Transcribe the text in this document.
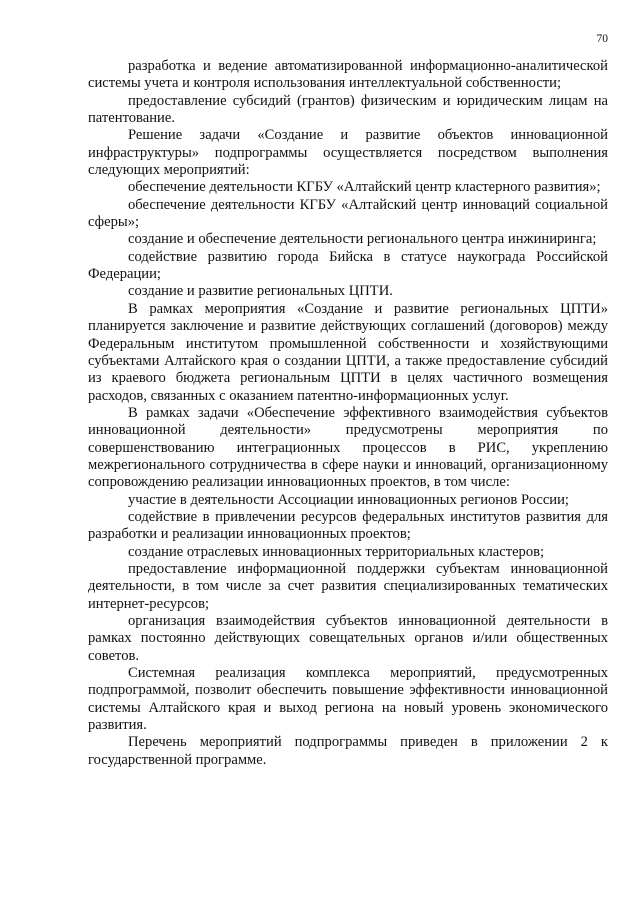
70

разработка и ведение автоматизированной информационно-аналитической системы учета и контроля использования интеллектуальной собственности;

предоставление субсидий (грантов) физическим и юридическим лицам на патентование.

Решение задачи «Создание и развитие объектов инновационной инфраструктуры» подпрограммы осуществляется посредством выполнения следующих мероприятий:

обеспечение деятельности КГБУ «Алтайский центр кластерного развития»;

обеспечение деятельности КГБУ «Алтайский центр инноваций социальной сферы»;

создание и обеспечение деятельности регионального центра инжиниринга;

содействие развитию города Бийска в статусе наукограда Российской Федерации;

создание и развитие региональных ЦПТИ.

В рамках мероприятия «Создание и развитие региональных ЦПТИ» планируется заключение и развитие действующих соглашений (договоров) между Федеральным институтом промышленной собственности и хозяйствующими субъектами Алтайского края о создании ЦПТИ, а также предоставление субсидий из краевого бюджета региональным ЦПТИ в целях частичного возмещения расходов, связанных с оказанием патентно-информационных услуг.

В рамках задачи «Обеспечение эффективного взаимодействия субъектов инновационной деятельности» предусмотрены мероприятия по совершенствованию интеграционных процессов в РИС, укреплению межрегионального сотрудничества в сфере науки и инноваций, организационному сопровождению реализации инновационных проектов, в том числе:

участие в деятельности Ассоциации инновационных регионов России;

содействие в привлечении ресурсов федеральных институтов развития для разработки и реализации инновационных проектов;

создание отраслевых инновационных территориальных кластеров;

предоставление информационной поддержки субъектам инновационной деятельности, в том числе за счет развития специализированных тематических интернет-ресурсов;

организация взаимодействия субъектов инновационной деятельности в рамках постоянно действующих совещательных органов и/или общественных советов.

Системная реализация комплекса мероприятий, предусмотренных подпрограммой, позволит обеспечить повышение эффективности инновационной системы Алтайского края и выход региона на новый уровень экономического развития.

Перечень мероприятий подпрограммы приведен в приложении 2 к государственной программе.
